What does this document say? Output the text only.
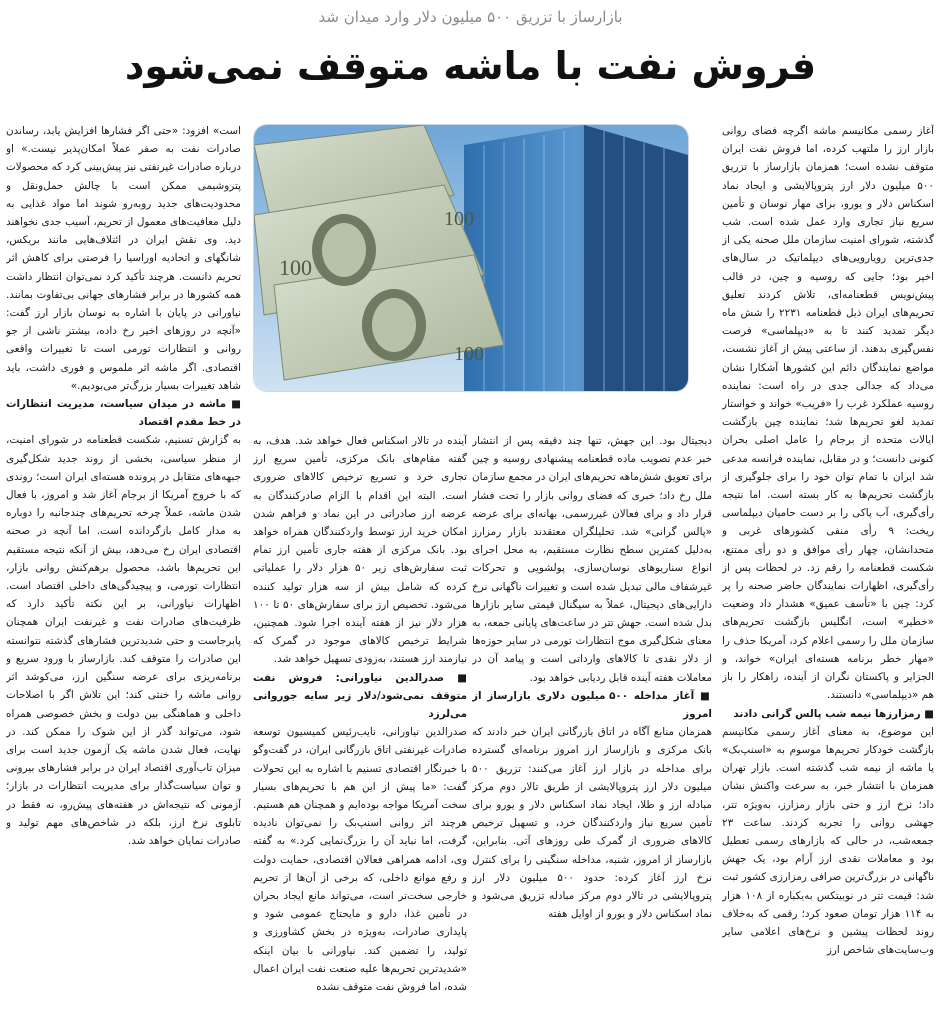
بازارساز با تزریق ۵۰۰ میلیون دلار وارد میدان شد
فروش نفت با ماشه متوقف نمی‌شود
100
100
100

آغاز رسمی مکانیسم ماشه اگرچه فضای روانی بازار ارز را ملتهب کرده، اما فروش نفت ایران متوقف نشده است؛ همزمان بازارساز با تزریق ۵۰۰ میلیون دلار ارز پتروپالایشی و ایجاد نماد اسکناس دلار و یورو، برای مهار نوسان و تأمین سریع نیاز تجاری وارد عمل شده است. شب گذشته، شورای امنیت سازمان ملل صحنه یکی از جدی‌ترین رویارویی‌های دیپلماتیک در سال‌های اخیر بود؛ جایی که روسیه و چین، در قالب پیش‌نویس قطعنامه‌ای، تلاش کردند تعلیق تحریم‌های ایران ذیل قطعنامه ۲۲۳۱ را شش ماه دیگر تمدید کنند تا به «دیپلماسی» فرصت نفس‌گیری بدهند. از ساعتی پیش از آغاز نشست، مواضع نمایندگان دائم این کشورها آشکارا نشان می‌داد که جدالی جدی در راه است: نماینده روسیه عملکرد غرب را «فریب» خواند و خواستار تمدید لغو تحریم‌ها شد؛ نماینده چین بازگشت ایالات متحده از برجام را عامل اصلی بحران کنونی دانست؛ و در مقابل، نماینده فرانسه مدعی شد ایران با تمام توان خود را برای جلوگیری از بازگشت تحریم‌ها به کار بسته است. اما نتیجه رأی‌گیری، آب پاکی را بر دست حامیان دیپلماسی ریخت: ۹ رأی منفی کشورهای غربی و متحدانشان، چهار رأی موافق و دو رأی ممتنع، شکست قطعنامه را رقم زد. در لحظات پس از رأی‌گیری، اظهارات نمایندگان حاضر صحنه را پر کرد: چین با «تأسف عمیق» هشدار داد وضعیت «خطیر» است، انگلیس بازگشت تحریم‌های سازمان ملل را رسمی اعلام کرد، آمریکا حذف را «مهار خطر برنامه هسته‌ای ایران» خواند، و الجزایر و پاکستان نگران از آینده، راهکار را باز هم «دیپلماسی» دانستند.

■ رمزارزها نیمه شب پالس گرانی دادند

این موضوع، به معنای آغاز رسمی مکانیسم بازگشت خودکار تحریم‌ها موسوم به «اسنپ‌بک» یا ماشه از نیمه شب گذشته است. بازار تهران همزمان با انتشار خبر، به سرعت واکنش نشان داد؛ نرخ ارز و حتی بازار رمزارز، به‌ویژه تتر، جهشی روانی را تجربه کردند. ساعت ۲۳ جمعه‌شب، در حالی که بازارهای رسمی تعطیل بود و معاملات نقدی ارز آرام بود، یک جهش ناگهانی در بزرگ‌ترین صرافی رمزارزی کشور ثبت شد: قیمت تتر در نوبیتکس به‌یکباره از ۱۰۸ هزار به ۱۱۴ هزار تومان صعود کرد؛ رقمی که به‌خلاف روند لحظات پیشین و نرخ‌های اعلامی سایر وب‌سایت‌های شاخص ارز

دیجیتال بود. این جهش، تنها چند دقیقه پس از انتشار خبر عدم تصویب ماده قطعنامه پیشنهادی روسیه و چین برای تعویق شش‌ماهه تحریم‌های ایران در مجمع سازمان ملل رخ داد؛ خبری که فضای روانی بازار را تحت فشار قرار داد و برای فعالان غیررسمی، بهانه‌ای برای عرضه «پالس گرانی» شد. تحلیلگران معتقدند بازار رمزارز به‌دلیل کمترین سطح نظارت مستقیم، به محل اجرای انواع سناریوهای نوسان‌سازی، پولشویی و تحرکات غیرشفاف مالی تبدیل شده است و تغییرات ناگهانی نرخ دارایی‌های دیجیتال، عملاً به سیگنال قیمتی سایر بازارها بدل شده است. جهش تتر در ساعت‌های پایانی جمعه، به معنای شکل‌گیری موج انتظارات تورمی در سایر حوزه‌ها از دلار نقدی تا کالاهای وارداتی است و پیامد آن در معاملات هفته آینده قابل ردیابی خواهد بود.

■ آغاز مداخله ۵۰۰ میلیون دلاری بازارساز از امروز

همزمان منابع آگاه در اتاق بازرگانی ایران خبر دادند که بانک مرکزی و بازارساز ارز امروز برنامه‌ای گسترده برای مداخله در بازار ارز آغاز می‌کنند: تزریق ۵۰۰ میلیون دلار ارز پتروپالایشی از طریق تالار دوم مرکز مبادله ارز و طلا، ایجاد نماد اسکناس دلار و یورو برای تأمین سریع نیاز واردکنندگان خرد، و تسهیل ترخیص کالاهای ضروری از گمرک طی روزهای آتی. بنابراین، بازارساز از امروز، شنبه، مداخله سنگینی را برای کنترل نرخ ارز آغاز کرده: حدود ۵۰۰ میلیون دلار ارز پتروپالایشی در تالار دوم مرکز مبادله تزریق می‌شود و نماد اسکناس دلار و یورو از اوایل هفته

آینده در تالار اسکناس فعال خواهد شد. هدف، به گفته مقام‌های بانک مرکزی، تأمین سریع ارز تجاری خرد و تسریع ترخیص کالاهای ضروری است. البته این اقدام با الزام صادرکنندگان به عرضه ارز صادراتی در این نماد و فراهم شدن امکان خرید ارز توسط واردکنندگان همراه خواهد بود. بانک مرکزی از هفته جاری تأمین ارز تمام ثبت سفارش‌های زیر ۵۰ هزار دلار را عملیاتی کرده که شامل بیش از سه هزار تولید کننده می‌شود. تخصیص ارز برای سفارش‌های ۵۰ تا ۱۰۰ هزار دلار نیز از هفته آینده اجرا شود. همچنین، شرایط ترخیص کالاهای موجود در گمرک که نیازمند ارز هستند، به‌زودی تسهیل خواهد شد.

■ صدرالدین نیاورانی: فروش نفت متوقف نمی‌شود/دلار زیر سایه جوروانی می‌لرزد

صدرالدین نیاورانی، نایب‌رئیس کمیسیون توسعه صادرات غیرنفتی اتاق بازرگانی ایران، در گفت‌وگو با خبرنگار اقتصادی تسنیم با اشاره به این تحولات گفت: «ما پیش از این هم با تحریم‌های بسیار سخت آمریکا مواجه بوده‌ایم و همچنان هم هستیم. هرچند اثر روانی اسنپ‌بک را نمی‌توان نادیده گرفت، اما نباید آن را بزرگ‌نمایی کرد.» به گفته وی، ادامه همراهی فعالان اقتصادی، حمایت دولت و رفع موانع داخلی، که برخی از آن‌ها از تحریم خارجی سخت‌تر است، می‌تواند مانع ایجاد بحران در تأمین غذا، دارو و مایحتاج عمومی شود و پایداری صادرات، به‌ویژه در بخش کشاورزی و تولید، را تضمین کند. نیاورانی با بیان اینکه «شدیدترین تحریم‌ها علیه صنعت نفت ایران اعمال شده، اما فروش نفت متوقف نشده

است» افزود: «حتی اگر فشارها افزایش یابد، رساندن صادرات نفت به صفر عملاً امکان‌پذیر نیست.» او درباره صادرات غیرنفتی نیز پیش‌بینی کرد که محصولات پتروشیمی ممکن است با چالش حمل‌ونقل و محدودیت‌های جدید روبه‌رو شوند اما مواد غذایی به دلیل معافیت‌های معمول از تحریم، آسیب جدی نخواهند دید. وی نقش ایران در ائتلاف‌هایی مانند بریکس، شانگهای و اتحادیه اوراسیا را فرصتی برای کاهش اثر تحریم دانست. هرچند تأکید کرد نمی‌توان انتظار داشت همه کشورها در برابر فشارهای جهانی بی‌تفاوت بمانند. نیاورانی در پایان با اشاره به نوسان بازار ارز گفت: «آنچه در روزهای اخیر رخ داده، بیشتر ناشی از جو روانی و انتظارات تورمی است تا تغییرات واقعی اقتصادی. اگر ماشه اثر ملموس و فوری داشت، باید شاهد تغییرات بسیار بزرگ‌تر می‌بودیم.»

■ ماشه در میدان سیاست، مدیریت انتظارات در خط مقدم اقتصاد

به گزارش تسنیم، شکست قطعنامه در شورای امنیت، از منظر سیاسی، بخشی از روند جدید شکل‌گیری جبهه‌های متقابل در پرونده هسته‌ای ایران است؛ روندی که با خروج آمریکا از برجام آغاز شد و امروز، با فعال شدن ماشه، عملاً چرخه تحریم‌های چندجانبه را دوباره به مدار کامل بازگردانده است. اما آنچه در صحنه اقتصادی ایران رخ می‌دهد، بیش از آنکه نتیجه مستقیم این تحریم‌ها باشد، محصول برهم‌کنش روانی بازار، انتظارات تورمی، و پیچیدگی‌های داخلی اقتصاد است. اظهارات نیاورانی، بر این نکته تأکید دارد که ظرفیت‌های صادرات نفت و غیرنفت ایران همچنان پابرجاست و حتی شدیدترین فشارهای گذشته نتوانسته این صادرات را متوقف کند. بازارساز با ورود سریع و برنامه‌ریزی برای عرضه سنگین ارز، می‌کوشد اثر روانی ماشه را خنثی کند؛ این تلاش اگر با اصلاحات داخلی و هماهنگی بین دولت و بخش خصوصی همراه شود، می‌تواند گذر از این شوک را ممکن کند. در نهایت، فعال شدن ماشه یک آزمون جدید است برای میزان تاب‌آوری اقتصاد ایران در برابر فشارهای بیرونی و توان سیاست‌گذار برای مدیریت انتظارات در بازار؛ آزمونی که نتیجه‌اش در هفته‌های پیش‌رو، نه فقط در تابلوی نرخ ارز، بلکه در شاخص‌های مهم تولید و صادرات نمایان خواهد شد.
